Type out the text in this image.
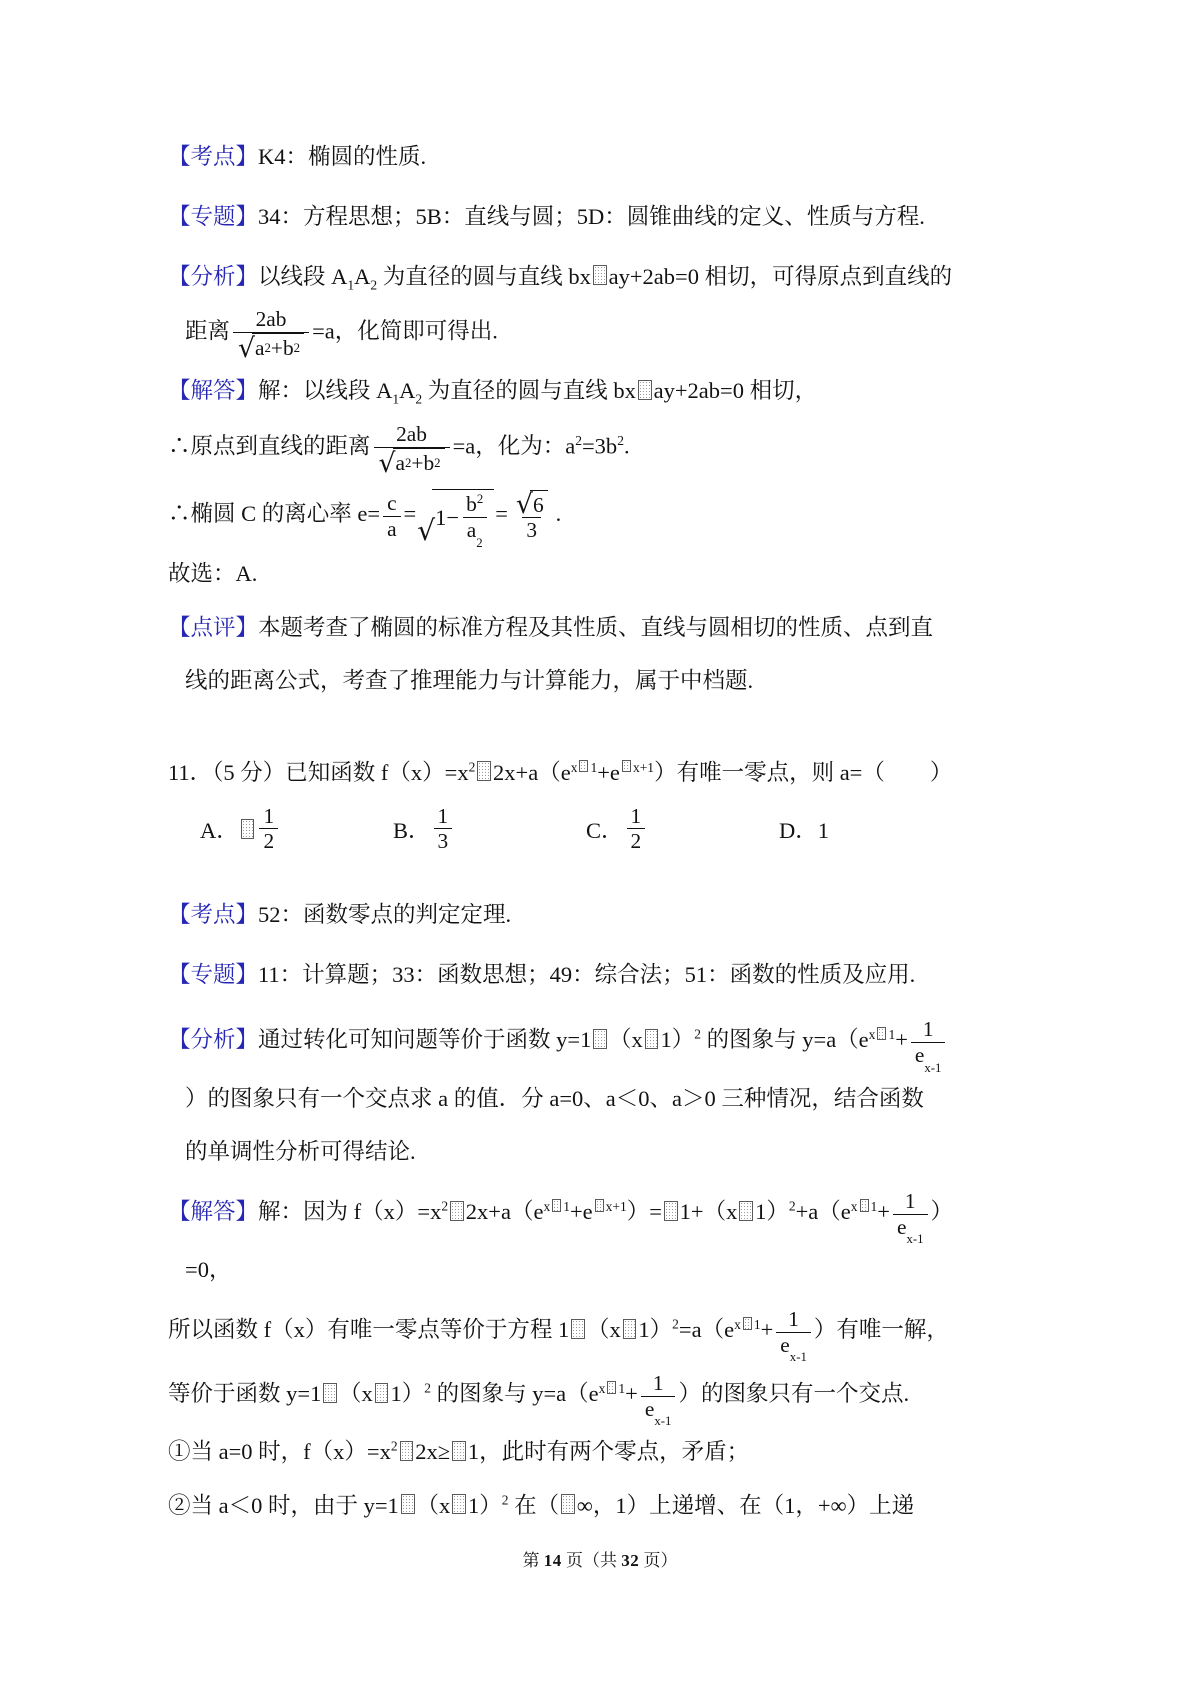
【考点】K4：椭圆的性质.

【专题】34：方程思想；5B：直线与圆；5D：圆锥曲线的定义、性质与方程.

【分析】以线段 $A_1A_2$ 为直径的圆与直线 bx ay+2ab=0 相切，可得原点到直线的

距离 $\frac{2ab}{√ a 2 +b 2} =a$，化简即可得出.

【解答】解：以线段 $A_1A_2$ 为直径的圆与直线 bx ay+2ab=0 相切，

∴原点到直线的距离 $\frac{2ab}{√ a 2 +b 2} =a$，化为：$a^2=3b^2$.

∴椭圆 C 的离心率 $e= \frac{c}{a}$ =
√ $1- b^2$
a
$2 = \frac{√ 6}{3}$ .

故选：A.

【点评】本题考查了椭圆的标准方程及其性质、直线与圆相切的性质、点到直

线的距离公式，考查了推理能力与计算能力，属于中档题.

11．（5 分）已知函数 $f(x)=x^2$ $2x+a(e^{x 1}+e$ $^{x+1}$）有唯一零点，则 a=（　　）

A． $\frac{1}{2}$	B． $\frac{1}{3}$	C． $\frac{1}{2}$	D．1

【考点】52：函数零点的判定定理.

【专题】11：计算题；33：函数思想；49：综合法；51：函数的性质及应用.

【分析】通过转化可知问题等价于函数 y=1 （x 1）$^2$ 的图象与 $y=a(e^{x 1}+ 1$
e
x-1

）的图象只有一个交点求 a 的值．分 a=0、a＜0、a＞0 三种情况，结合函数

的单调性分析可得结论.

【解答】解：因为 $f(x)=x^2$ $2x+a(e^{x 1}+e$ $^{x+1}$）= 1+（x $1)^2+a(e^{x 1}+ 1$
e
x-1 ）

=0，

所以函数 f（x）有唯一零点等价于方程 1 （x $1)^2=a(e^{x 1}+ 1$
e
x-1 ）有唯一解，

等价于函数 y=1 （x 1）$^2$ 的图象与 $y=a(e^{x 1}+ 1$
e
x-1 ）的图象只有一个交点.

①当 a=0 时，$f(x)=x^2$ 2x≥ 1，此时有两个零点，矛盾；

②当 a＜0 时，由于 y=1 （x 1）$^2$ 在（ ∞，1）上递增、在（1，+∞）上递

第 14 页（共 32 页）
